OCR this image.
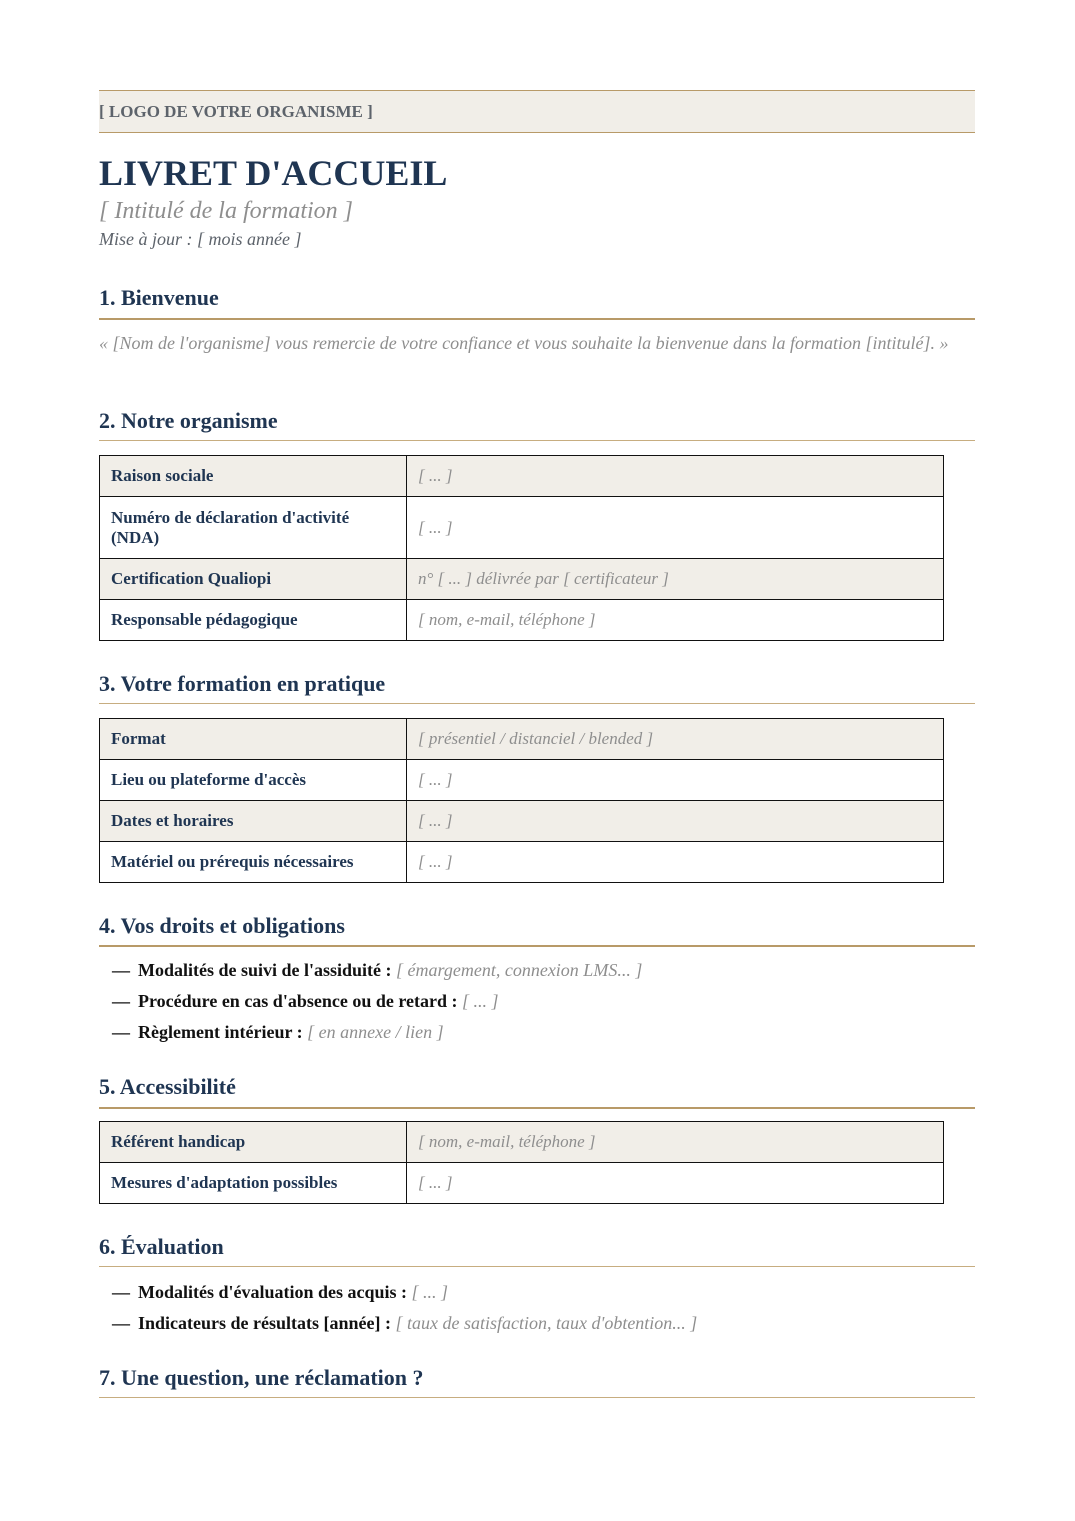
[ LOGO DE VOTRE ORGANISME ]
LIVRET D'ACCUEIL
[ Intitulé de la formation ]
Mise à jour : [ mois année ]
1. Bienvenue
« [Nom de l'organisme] vous remercie de votre confiance et vous souhaite la bienvenue dans la formation [intitulé]. »
2. Notre organisme
Raison sociale	[ ... ]
Numéro de déclaration d'activité (NDA)	[ ... ]
Certification Qualiopi	n° [ ... ] délivrée par [ certificateur ]
Responsable pédagogique	[ nom, e-mail, téléphone ]
3. Votre formation en pratique
Format	[ présentiel / distanciel / blended ]
Lieu ou plateforme d'accès	[ ... ]
Dates et horaires	[ ... ]
Matériel ou prérequis nécessaires	[ ... ]
4. Vos droits et obligations
— Modalités de suivi de l'assiduité : [ émargement, connexion LMS... ]
— Procédure en cas d'absence ou de retard : [ ... ]
— Règlement intérieur : [ en annexe / lien ]
5. Accessibilité
Référent handicap	[ nom, e-mail, téléphone ]
Mesures d'adaptation possibles	[ ... ]
6. Évaluation
— Modalités d'évaluation des acquis : [ ... ]
— Indicateurs de résultats [année] : [ taux de satisfaction, taux d'obtention... ]
7. Une question, une réclamation ?
